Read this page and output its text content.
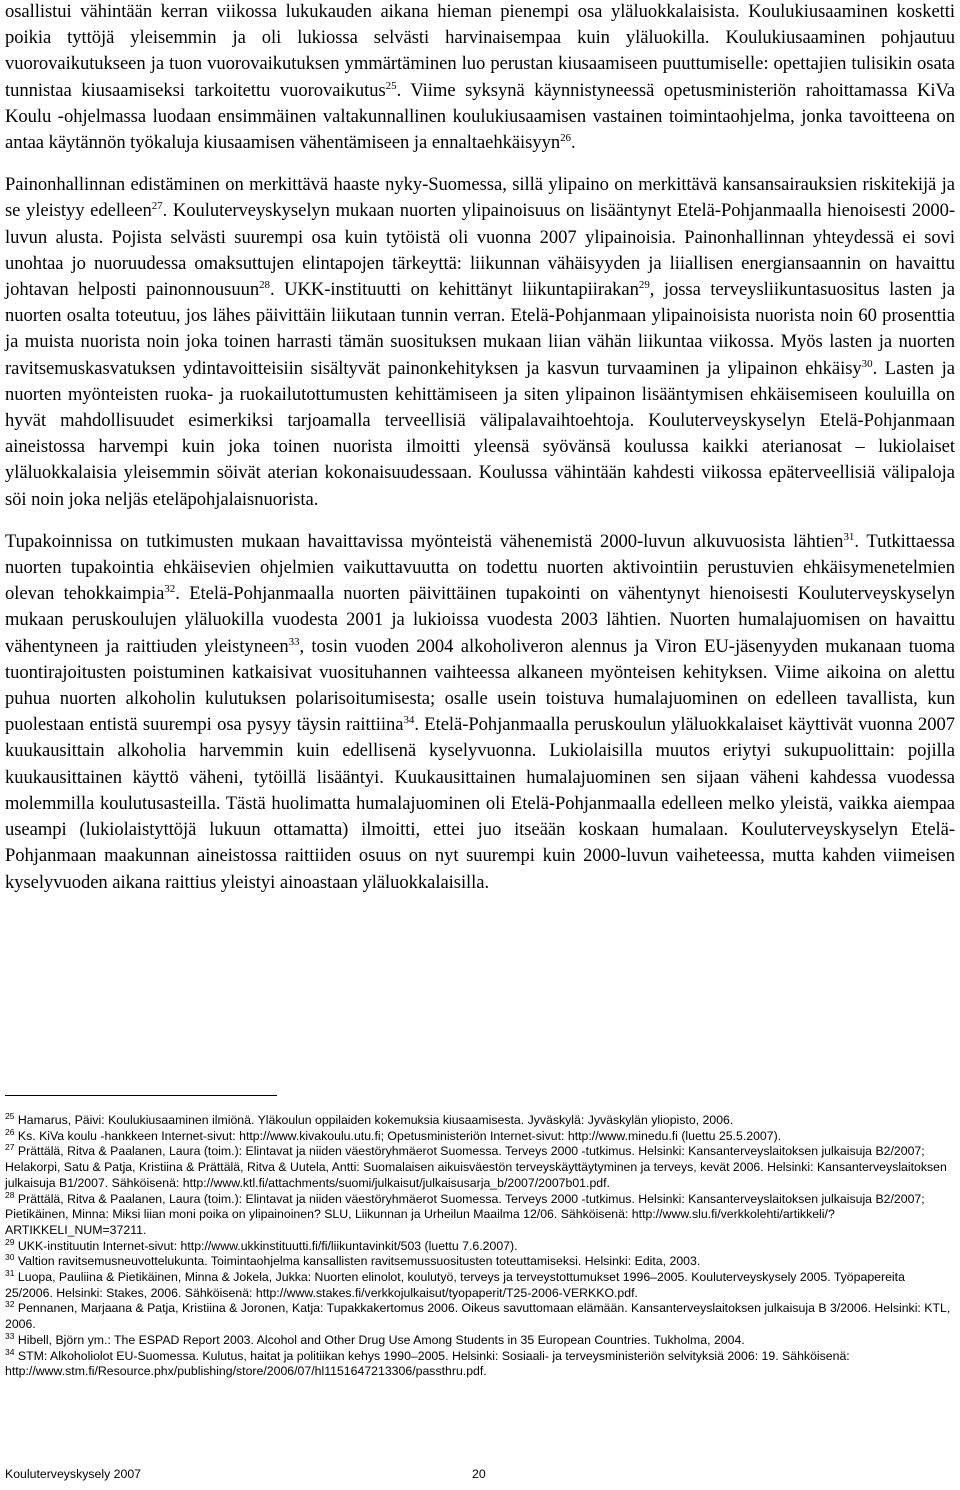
osallistui vähintään kerran viikossa lukukauden aikana hieman pienempi osa yläluokkalaisista. Koulukiusaaminen kosketti poikia tyttöjä yleisemmin ja oli lukiossa selvästi harvinaisempaa kuin yläluokilla. Koulukiusaaminen pohjautuu vuorovaikutukseen ja tuon vuorovaikutuksen ymmärtäminen luo perustan kiusaamiseen puuttumiselle: opettajien tulisikin osata tunnistaa kiusaamiseksi tarkoitettu vuorovaikutus$^{25}$. Viime syksynä käynnistyneessä opetusministeriön rahoittamassa KiVa Koulu -ohjelmassa luodaan ensimmäinen valtakunnallinen koulukiusaamisen vastainen toimintaohjelma, jonka tavoitteena on antaa käytännön työkaluja kiusaamisen vähentämiseen ja ennaltaehkäisyyn$^{26}$.

Painonhallinnan edistäminen on merkittävä haaste nyky-Suomessa, sillä ylipaino on merkittävä kansansairauksien riskitekijä ja se yleistyy edelleen$^{27}$. Kouluterveyskyselyn mukaan nuorten ylipainoisuus on lisääntynyt Etelä-Pohjanmaalla hienoisesti 2000-luvun alusta. Pojista selvästi suurempi osa kuin tytöistä oli vuonna 2007 ylipainoisia. Painonhallinnan yhteydessä ei sovi unohtaa jo nuoruudessa omaksuttujen elintapojen tärkeyttä: liikunnan vähäisyyden ja liiallisen energiansaannin on havaittu johtavan helposti painonnousuun$^{28}$. UKK-instituutti on kehittänyt liikuntapiirakan$^{29}$, jossa terveysliikuntasuositus lasten ja nuorten osalta toteutuu, jos lähes päivittäin liikutaan tunnin verran. Etelä-Pohjanmaan ylipainoisista nuorista noin 60 prosenttia ja muista nuorista noin joka toinen harrasti tämän suosituksen mukaan liian vähän liikuntaa viikossa. Myös lasten ja nuorten ravitsemuskasvatuksen ydintavoitteisiin sisältyvät painonkehityksen ja kasvun turvaaminen ja ylipainon ehkäisy$^{30}$. Lasten ja nuorten myönteisten ruoka- ja ruokailutottumusten kehittämiseen ja siten ylipainon lisääntymisen ehkäisemiseen kouluilla on hyvät mahdollisuudet esimerkiksi tarjoamalla terveellisiä välipalavaihtoehtoja. Kouluterveyskyselyn Etelä-Pohjanmaan aineistossa harvempi kuin joka toinen nuorista ilmoitti yleensä syövänsä koulussa kaikki aterianosat – lukiolaiset yläluokkalaisia yleisemmin söivät aterian kokonaisuudessaan. Koulussa vähintään kahdesti viikossa epäterveellisiä välipaloja söi noin joka neljäs eteläpohjalaisnuorista.

Tupakoinnissa on tutkimusten mukaan havaittavissa myönteistä vähenemistä 2000-luvun alkuvuosista lähtien$^{31}$. Tutkittaessa nuorten tupakointia ehkäisevien ohjelmien vaikuttavuutta on todettu nuorten aktivointiin perustuvien ehkäisymenetelmien olevan tehokkaimpia$^{32}$. Etelä-Pohjanmaalla nuorten päivittäinen tupakointi on vähentynyt hienoisesti Kouluterveyskyselyn mukaan peruskoulujen yläluokilla vuodesta 2001 ja lukioissa vuodesta 2003 lähtien. Nuorten humalajuomisen on havaittu vähentyneen ja raittiuden yleistyneen$^{33}$, tosin vuoden 2004 alkoholiveron alennus ja Viron EU-jäsenyyden mukanaan tuoma tuontirajoitusten poistuminen katkaisivat vuosituhannen vaihteessa alkaneen myönteisen kehityksen. Viime aikoina on alettu puhua nuorten alkoholin kulutuksen polarisoitumisesta; osalle usein toistuva humalajuominen on edelleen tavallista, kun puolestaan entistä suurempi osa pysyy täysin raittiina$^{34}$. Etelä-Pohjanmaalla peruskoulun yläluokkalaiset käyttivät vuonna 2007 kuukausittain alkoholia harvemmin kuin edellisenä kyselyvuonna. Lukiolaisilla muutos eriytyi sukupuolittain: pojilla kuukausittainen käyttö väheni, tytöillä lisääntyi. Kuukausittainen humalajuominen sen sijaan väheni kahdessa vuodessa molemmilla koulutusasteilla. Tästä huolimatta humalajuominen oli Etelä-Pohjanmaalla edelleen melko yleistä, vaikka aiempaa useampi (lukiolaistyttöjä lukuun ottamatta) ilmoitti, ettei juo itseään koskaan humalaan. Kouluterveyskyselyn Etelä-Pohjanmaan maakunnan aineistossa raittiiden osuus on nyt suurempi kuin 2000-luvun vaiheteessa, mutta kahden viimeisen kyselyvuoden aikana raittius yleistyi ainoastaan yläluokkalaisilla.

$^{25}$ Hamarus, Päivi: Koulukiusaaminen ilmiönä. Yläkoulun oppilaiden kokemuksia kiusaamisesta. Jyväskylä: Jyväskylän yliopisto, 2006.

$^{26}$ Ks. KiVa koulu -hankkeen Internet-sivut: http://www.kivakoulu.utu.fi; Opetusministeriön Internet-sivut: http://www.minedu.fi (luettu 25.5.2007).

$^{27}$ Prättälä, Ritva & Paalanen, Laura (toim.): Elintavat ja niiden väestöryhmäerot Suomessa. Terveys 2000 -tutkimus. Helsinki: Kansanterveyslaitoksen julkaisuja B2/2007; Helakorpi, Satu & Patja, Kristiina & Prättälä, Ritva & Uutela, Antti: Suomalaisen aikuisväestön terveyskäyttäytyminen ja terveys, kevät 2006. Helsinki: Kansanterveyslaitoksen julkaisuja B1/2007. Sähköisenä: http://www.ktl.fi/attachments/suomi/julkaisut/julkaisusarja_b/2007/2007b01.pdf.

$^{28}$ Prättälä, Ritva & Paalanen, Laura (toim.): Elintavat ja niiden väestöryhmäerot Suomessa. Terveys 2000 -tutkimus. Helsinki: Kansanterveyslaitoksen julkaisuja B2/2007; Pietikäinen, Minna: Miksi liian moni poika on ylipainoinen? SLU, Liikunnan ja Urheilun Maailma 12/06. Sähköisenä: http://www.slu.fi/verkkolehti/artikkeli/?ARTIKKELI_NUM=37211.

$^{29}$ UKK-instituutin Internet-sivut: http://www.ukkinstituutti.fi/fi/liikuntavinkit/503 (luettu 7.6.2007).

$^{30}$ Valtion ravitsemusneuvottelukunta. Toimintaohjelma kansallisten ravitsemussuositusten toteuttamiseksi. Helsinki: Edita, 2003.

$^{31}$ Luopa, Pauliina & Pietikäinen, Minna & Jokela, Jukka: Nuorten elinolot, koulutyö, terveys ja terveystottumukset 1996–2005. Kouluterveyskysely 2005. Työpapereita 25/2006. Helsinki: Stakes, 2006. Sähköisenä: http://www.stakes.fi/verkkojulkaisut/tyopaperit/T25-2006-VERKKO.pdf.

$^{32}$ Pennanen, Marjaana & Patja, Kristiina & Joronen, Katja: Tupakkakertomus 2006. Oikeus savuttomaan elämään. Kansanterveyslaitoksen julkaisuja B 3/2006. Helsinki: KTL, 2006.

$^{33}$ Hibell, Björn ym.: The ESPAD Report 2003. Alcohol and Other Drug Use Among Students in 35 European Countries. Tukholma, 2004.

$^{34}$ STM: Alkoholiolot EU-Suomessa. Kulutus, haitat ja politiikan kehys 1990–2005. Helsinki: Sosiaali- ja terveysministeriön selvityksiä 2006: 19. Sähköisenä: http://www.stm.fi/Resource.phx/publishing/store/2006/07/hl1151647213306/passthru.pdf.

Kouluterveyskysely 2007	20
